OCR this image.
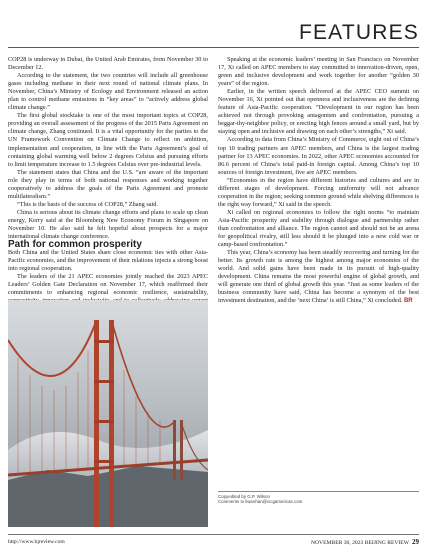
FEATURES

COP28 is underway in Dubai, the United Arab Emirates, from November 30 to December 12.

According to the statement, the two countries will include all greenhouse gases including methane in their next round of national climate plans. In November, China’s Ministry of Ecology and Environment released an action plan to control methane emissions in “key areas” to “actively address global climate change.”

The first global stocktake is one of the most important topics at COP28, providing an overall assessment of the progress of the 2015 Paris Agreement on climate change, Zhang continued. It is a vital opportunity for the parties to the UN Framework Convention on Climate Change to reflect on ambition, implementation and cooperation, in line with the Paris Agreement’s goal of containing global warming well below 2 degrees Celsius and pursuing efforts to limit temperature increase to 1.5 degrees Celsius over pre-industrial levels.

The statement states that China and the U.S. “are aware of the important role they play in terms of both national responses and working together cooperatively to address the goals of the Paris Agreement and promote multilateralism.”

“This is the basis of the success of COP28,” Zhang said.

China is serious about its climate change efforts and plans to scale up clean energy, Kerry said at the Bloomberg New Economy Forum in Singapore on November 10. He also said he felt hopeful about prospects for a major international climate change conference.

Path for common prosperity

Both China and the United States share close economic ties with other Asia-Pacific economies, and the improvement of their relations injects a strong boost into regional cooperation.

The leaders of the 21 APEC economies jointly reached the 2023 APEC Leaders’ Golden Gate Declaration on November 17, which reaffirmed their commitments to enhancing regional economic resilience, sustainability,

Speaking at the economic leaders’ meeting in San Francisco on November 17, Xi called on APEC members to stay committed to innovation-driven, open, green and inclusive development and work together for another “golden 30 years” of the region.

Earlier, in the written speech delivered at the APEC CEO summit on November 16, Xi pointed out that openness and inclusiveness are the defining feature of Asia-Pacific cooperation. “Development in our region has been achieved not through provoking antagonism and confrontation, pursuing a beggar-thy-neighbor policy, or erecting high fences around a small yard, but by staying open and inclusive and drawing on each other’s strengths,” Xi said.

According to data from China’s Ministry of Commerce, eight out of China’s top 10 trading partners are APEC members, and China is the largest trading partner for 13 APEC economies. In 2022, other APEC economies accounted for 86.6 percent of China’s total paid-in foreign capital. Among China’s top 10 sources of foreign investment, five are APEC members.

“Economies in the region have different histories and cultures and are in different stages of development. Forcing uniformity will not advance cooperation in the region; seeking common ground while shelving differences is the right way forward,” Xi said in the speech.

Xi called on regional economies to follow the right norms “to maintain Asia-Pacific prosperity and stability through dialogue and partnership rather than confrontation and alliance. The region cannot and should not be an arena for geopolitical rivalry, still less should it be plunged into a new cold war or camp-based confrontation.”

This year, China’s economy has been steadily recovering and turning for the better. Its growth rate is among the highest among major economies of the world. And solid gains have been made in its pursuit of high-quality development. China remains the most powerful engine of global growth, and will generate one third of global growth this year. “Just as some leaders of the business community have said, China has become a synonym of the best investment destination, and the ‘next China’ is still China,” Xi concluded. BR

Copyedited by G.P. Wilson
Comments to liwenhan@cicgamericas.com
http://www.bjreview.com	NOVEMBER 30, 2023 BEIJING REVIEW 29
